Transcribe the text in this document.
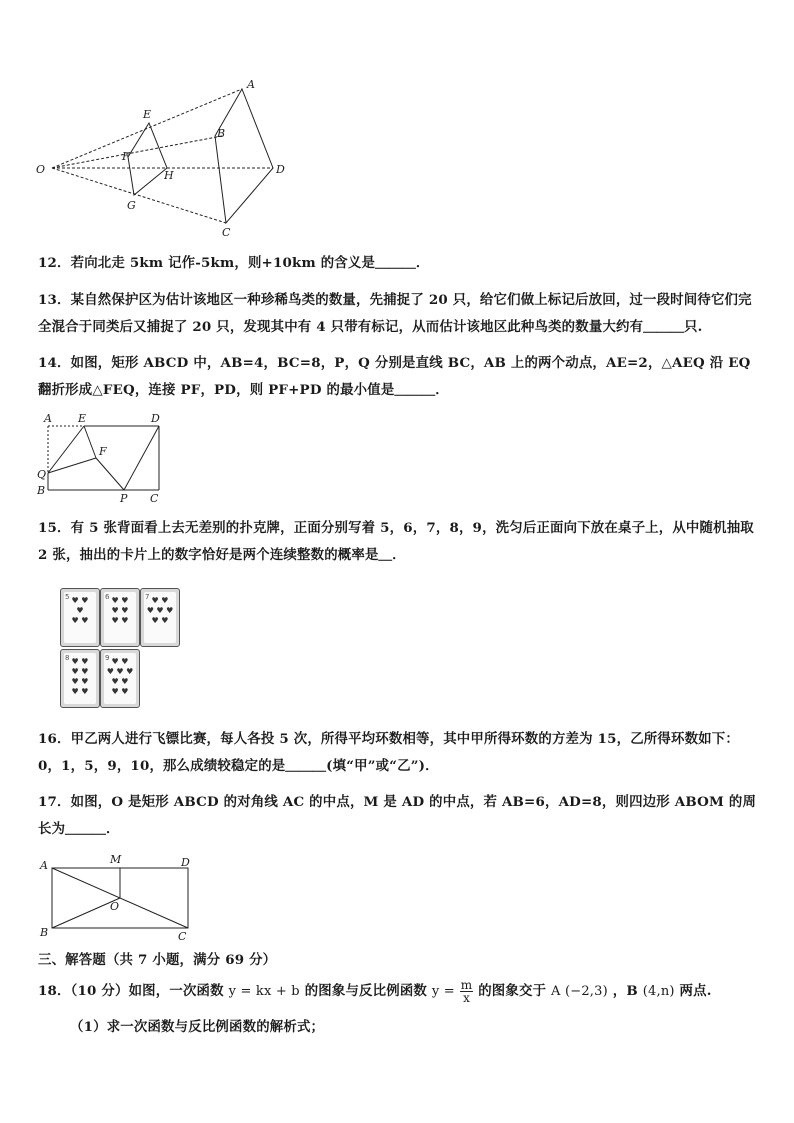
O
E
F
G
H
A
B
C
D
12．若向北走 5km 记作-5km，则+10km 的含义是＿＿＿．
13．某自然保护区为估计该地区一种珍稀鸟类的数量，先捕捉了 20 只，给它们做上标记后放回，过一段时间待它们完全混合于同类后又捕捉了 20 只，发现其中有 4 只带有标记，从而估计该地区此种鸟类的数量大约有＿＿＿只.
14．如图，矩形 ABCD 中，AB=4，BC=8，P，Q 分别是直线 BC，AB 上的两个动点，AE=2，△AEQ 沿 EQ 翻折形成△FEQ，连接 PF，PD，则 PF+PD 的最小值是＿＿＿．
A E	D
F
Q
B
P C
15．有 5 张背面看上去无差别的扑克牌，正面分别写着 5，6，7，8，9，洗匀后正面向下放在桌子上，从中随机抽取 2 张，抽出的卡片上的数字恰好是两个连续整数的概率是＿．
5 ♥ ♥
♥
♥ ♥
6 ♥ ♥
♥ ♥
♥ ♥
7 ♥ ♥
♥ ♥ ♥
♥ ♥
8 ♥ ♥
♥ ♥
♥ ♥
♥ ♥
9 ♥ ♥
♥ ♥ ♥
♥ ♥
♥ ♥
16．甲乙两人进行飞镖比赛，每人各投 5 次，所得平均环数相等，其中甲所得环数的方差为 15，乙所得环数如下：0，1，5，9，10，那么成绩较稳定的是＿＿＿(填“甲”或“乙”)．
17．如图，O 是矩形 ABCD 的对角线 AC 的中点，M 是 AD 的中点，若 AB=6，AD=8，则四边形 ABOM 的周长为＿＿＿．
A	M	D
O
B	C
三、解答题（共 7 小题，满分 69 分）
18．（10 分）如图，一次函数 y = kx + b 的图象与反比例函数 $y = \frac{m}{x}$ 的图象交于 A (−2,3) ，B (4,n) 两点.
（1）求一次函数与反比例函数的解析式；
